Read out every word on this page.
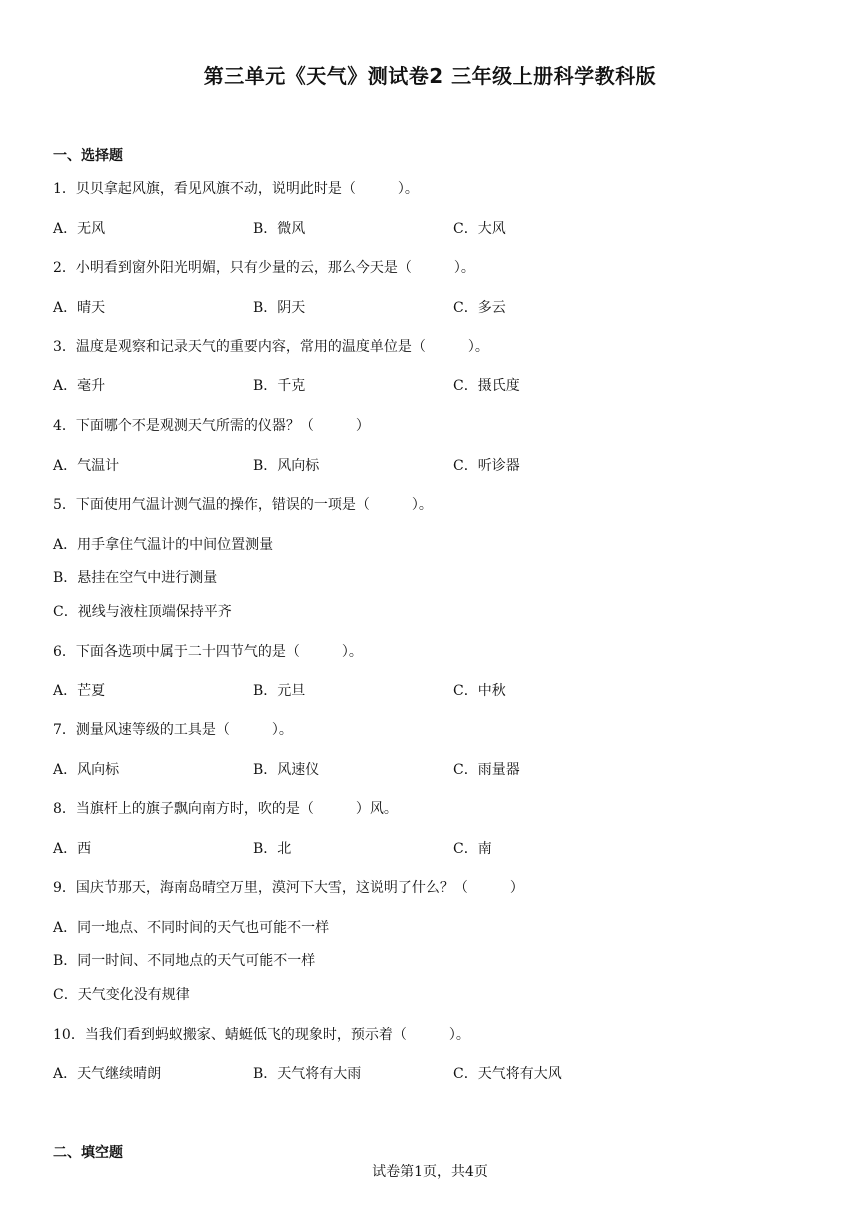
第三单元《天气》测试卷2 三年级上册科学教科版
一、选择题
1．贝贝拿起风旗，看见风旗不动，说明此时是（　　　）。
A．无风	B．微风	C．大风
2．小明看到窗外阳光明媚，只有少量的云，那么今天是（　　　）。
A．晴天	B．阴天	C．多云
3．温度是观察和记录天气的重要内容，常用的温度单位是（　　　）。
A．毫升	B．千克	C．摄氏度
4．下面哪个不是观测天气所需的仪器？（　　　）
A．气温计	B．风向标	C．听诊器
5．下面使用气温计测气温的操作，错误的一项是（　　　）。
A．用手拿住气温计的中间位置测量
B．悬挂在空气中进行测量
C．视线与液柱顶端保持平齐
6．下面各选项中属于二十四节气的是（　　　）。
A．芒夏	B．元旦	C．中秋
7．测量风速等级的工具是（　　　）。
A．风向标	B．风速仪	C．雨量器
8．当旗杆上的旗子飘向南方时，吹的是（　　　）风。
A．西	B．北	C．南
9．国庆节那天，海南岛晴空万里，漠河下大雪，这说明了什么？（　　　）
A．同一地点、不同时间的天气也可能不一样
B．同一时间、不同地点的天气可能不一样
C．天气变化没有规律
10．当我们看到蚂蚁搬家、蜻蜓低飞的现象时，预示着（　　　）。
A．天气继续晴朗	B．天气将有大雨	C．天气将有大风
二、填空题
试卷第1页，共4页
